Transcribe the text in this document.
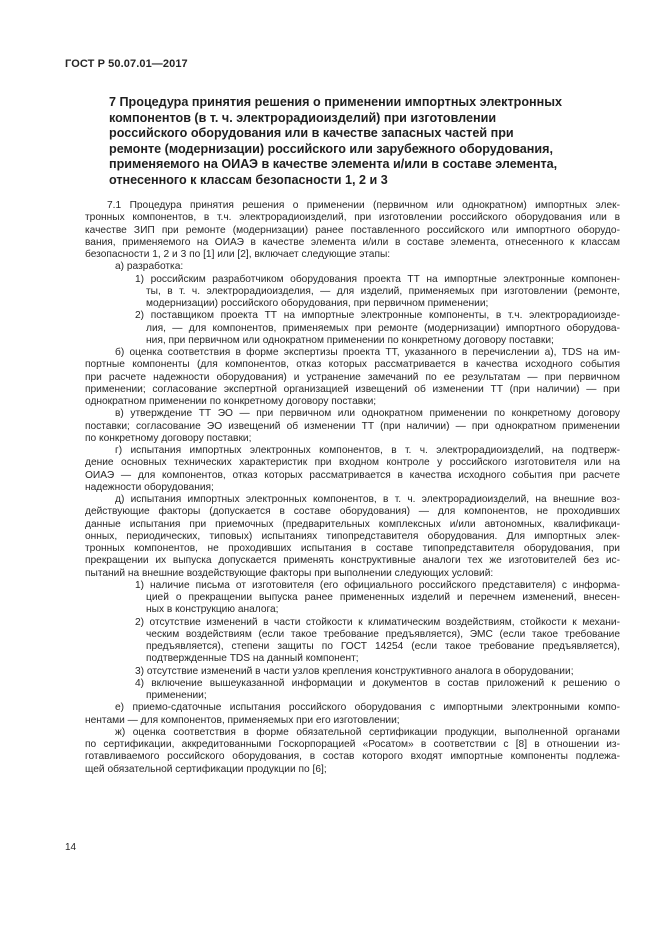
ГОСТ Р 50.07.01—2017
7 Процедура принятия решения о применении импортных электронных
компонентов (в т. ч. электрорадиоизделий) при изготовлении
российского оборудования или в качестве запасных частей при
ремонте (модернизации) российского или зарубежного оборудования,
применяемого на ОИАЭ в качестве элемента и/или в составе элемента,
отнесенного к классам безопасности 1, 2 и 3
7.1 Процедура принятия решения о применении (первичном или однократном) импортных элек-
тронных компонентов, в т.ч. электрорадиоизделий, при изготовлении российского оборудования или в
качестве ЗИП при ремонте (модернизации) ранее поставленного российского или импортного оборудо-
вания, применяемого на ОИАЭ в качестве элемента и/или в составе элемента, отнесенного к классам
безопасности 1, 2 и 3 по [1] или [2], включает следующие этапы:
а) разработка:
1) российским разработчиком оборудования проекта ТТ на импортные электронные компонен-
ты, в т. ч. электрорадиоизделия, — для изделий, применяемых при изготовлении (ремонте,
модернизации) российского оборудования, при первичном применении;
2) поставщиком проекта ТТ на импортные электронные компоненты, в т.ч. электрорадиоизде-
лия, — для компонентов, применяемых при ремонте (модернизации) импортного оборудова-
ния, при первичном или однократном применении по конкретному договору поставки;
б) оценка соответствия в форме экспертизы проекта ТТ, указанного в перечислении а), TDS на им-
портные компоненты (для компонентов, отказ которых рассматривается в качества исходного события
при расчете надежности оборудования) и устранение замечаний по ее результатам — при первичном
применении; согласование экспертной организацией извещений об изменении ТТ (при наличии) — при
однократном применении по конкретному договору поставки;
в) утверждение ТТ ЭО — при первичном или однократном применении по конкретному договору
поставки; согласование ЭО извещений об изменении ТТ (при наличии) — при однократном применении
по конкретному договору поставки;
г) испытания импортных электронных компонентов, в т. ч. электрорадиоизделий, на подтверж-
дение основных технических характеристик при входном контроле у российского изготовителя или на
ОИАЭ — для компонентов, отказ которых рассматривается в качества исходного события при расчете
надежности оборудования;
д) испытания импортных электронных компонентов, в т. ч. электрорадиоизделий, на внешние воз-
действующие факторы (допускается в составе оборудования) — для компонентов, не проходивших
данные испытания при приемочных (предварительных комплексных и/или автономных, квалификаци-
онных, периодических, типовых) испытаниях типопредставителя оборудования. Для импортных элек-
тронных компонентов, не проходивших испытания в составе типопредставителя оборудования, при
прекращении их выпуска допускается применять конструктивные аналоги тех же изготовителей без ис-
пытаний на внешние воздействующие факторы при выполнении следующих условий:
1) наличие письма от изготовителя (его официального российского представителя) с информа-
цией о прекращении выпуска ранее примененных изделий и перечнем изменений, внесен-
ных в конструкцию аналога;
2) отсутствие изменений в части стойкости к климатическим воздействиям, стойкости к механи-
ческим воздействиям (если такое требование предъявляется), ЭМС (если такое требование
предъявляется), степени защиты по ГОСТ 14254 (если такое требование предъявляется),
подтвержденные TDS на данный компонент;
3) отсутствие изменений в части узлов крепления конструктивного аналога в оборудовании;
4) включение вышеуказанной информации и документов в состав приложений к решению о
применении;
е) приемо-сдаточные испытания российского оборудования с импортными электронными компо-
нентами — для компонентов, применяемых при его изготовлении;
ж) оценка соответствия в форме обязательной сертификации продукции, выполненной органами
по сертификации, аккредитованными Госкорпорацией «Росатом» в соответствии с [8] в отношении из-
готавливаемого российского оборудования, в состав которого входят импортные компоненты подлежа-
щей обязательной сертификации продукции по [6];
14
